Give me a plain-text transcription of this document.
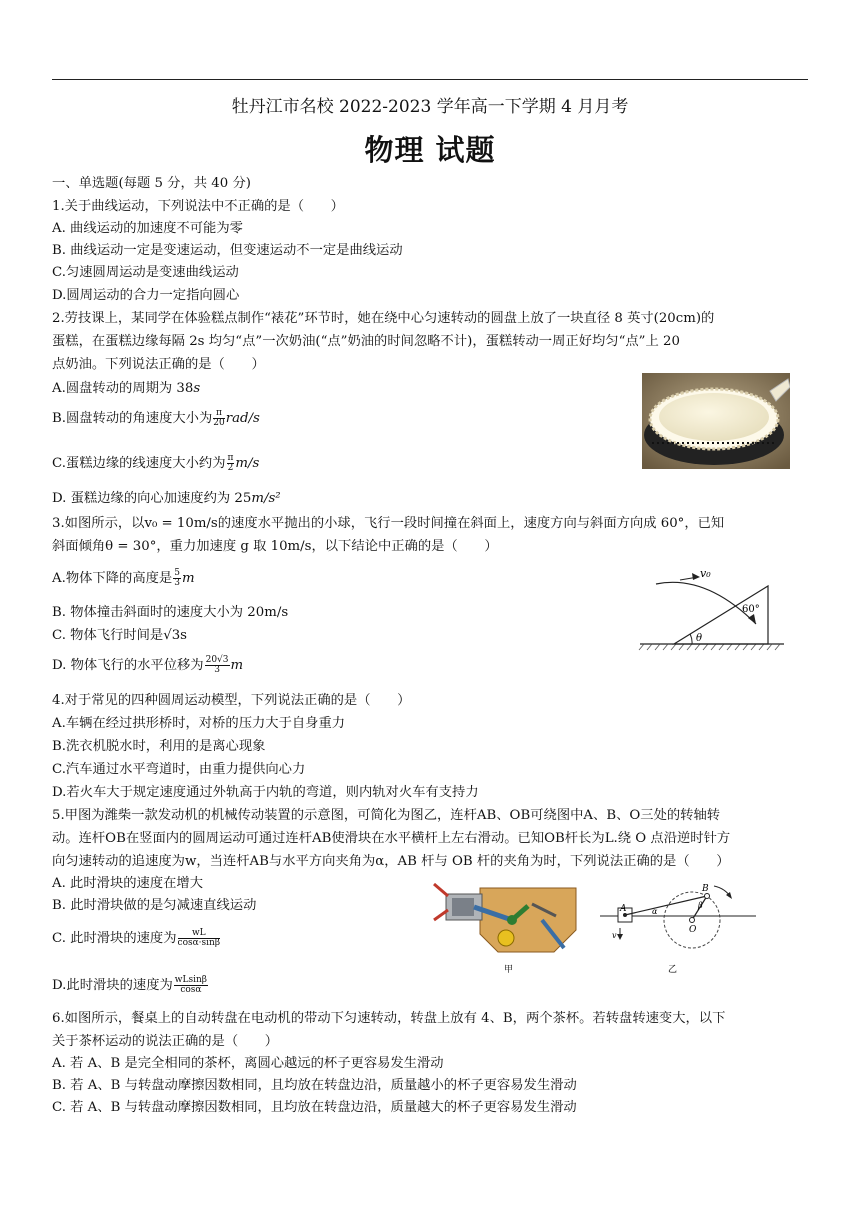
牡丹江市名校 2022-2023 学年高一下学期 4 月月考
物理 试题
一、单选题(每题 5 分，共 40 分)
1.关于曲线运动，下列说法中不正确的是（　　）
A. 曲线运动的加速度不可能为零
B. 曲线运动一定是变速运动，但变速运动不一定是曲线运动
C.匀速圆周运动是变速曲线运动
D.圆周运动的合力一定指向圆心
2.劳技课上，某同学在体验糕点制作“裱花”环节时，她在绕中心匀速转动的圆盘上放了一块直径 8 英寸(20cm)的
蛋糕，在蛋糕边缘每隔 2s 均匀“点”一次奶油(“点”奶油的时间忽略不计)，蛋糕转动一周正好均匀“点”上 20
点奶油。下列说法正确的是（　　）
A.圆盘转动的周期为 38s
B.圆盘转动的角速度大小为 $\frac{\pi}{20} rad/s$
C.蛋糕边缘的线速度大小约为 $\frac{\pi}{2} m/s$
D. 蛋糕边缘的向心加速度约为 25m/s²
3.如图所示，以v₀ = 10m/s的速度水平抛出的小球，飞行一段时间撞在斜面上，速度方向与斜面方向成 60°，已知
斜面倾角θ = 30°，重力加速度 g 取 10m/s，以下结论中正确的是（　　）
A.物体下降的高度是 $\frac{5}{3}$ m
B. 物体撞击斜面时的速度大小为 20m/s
C. 物体飞行时间是√3s
D. 物体飞行的水平位移为 $\frac{20√3}{3}$ m
v₀
60°
θ
4.对于常见的四种圆周运动模型，下列说法正确的是（　　）
A.车辆在经过拱形桥时，对桥的压力大于自身重力
B.洗衣机脱水时，利用的是离心现象
C.汽车通过水平弯道时，由重力提供向心力
D.若火车大于规定速度通过外轨高于内轨的弯道，则内轨对火车有支持力
5.甲图为潍柴一款发动机的机械传动装置的示意图，可简化为图乙，连杆AB、OB可绕图中A、B、O三处的转轴转
动。连杆OB在竖面内的圆周运动可通过连杆AB使滑块在水平横杆上左右滑动。已知OB杆长为L.绕 O 点沿逆时针方
向匀速转动的追速度为w，当连杆AB与水平方向夹角为α，AB 杆与 OB 杆的夹角为时，下列说法正确的是（　　）
A. 此时滑块的速度在增大
B. 此时滑块做的是匀减速直线运动
C. 此时滑块的速度为 $\frac{wL}{\cos\alpha\cdot\sin\beta}$
D.此时滑块的速度为 $\frac{wLsin\beta}{\cos\alpha}$
甲
A
B
O
α
β
v
乙
6.如图所示，餐桌上的自动转盘在电动机的带动下匀速转动，转盘上放有 4、B，两个茶杯。若转盘转速变大，以下
关于茶杯运动的说法正确的是（　　）
A. 若 A、B 是完全相同的茶杯，离圆心越远的杯子更容易发生滑动
B. 若 A、B 与转盘动摩擦因数相同，且均放在转盘边沿，质量越小的杯子更容易发生滑动
C. 若 A、B 与转盘动摩擦因数相同，且均放在转盘边沿，质量越大的杯子更容易发生滑动
